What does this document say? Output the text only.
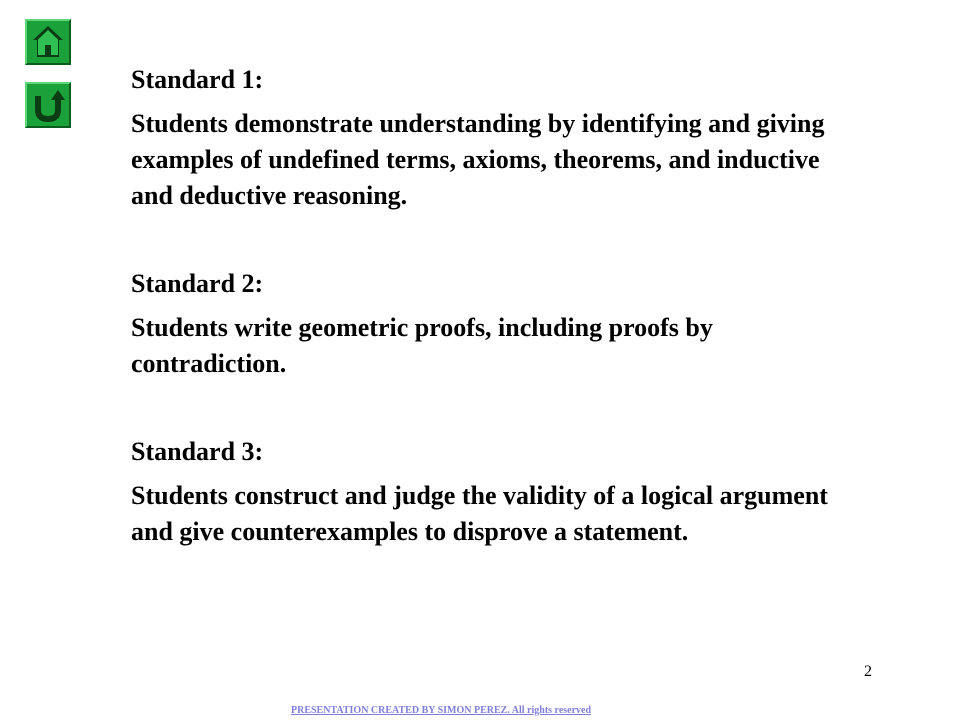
Standard 1:

Students demonstrate understanding by identifying and giving examples of undefined terms, axioms, theorems, and inductive and deductive reasoning.

Standard 2:

Students write geometric proofs, including proofs by contradiction.

Standard 3:

Students construct and judge the validity of a logical argument and give counterexamples to disprove a statement.

2
PRESENTATION CREATED BY SIMON PEREZ. All rights reserved
